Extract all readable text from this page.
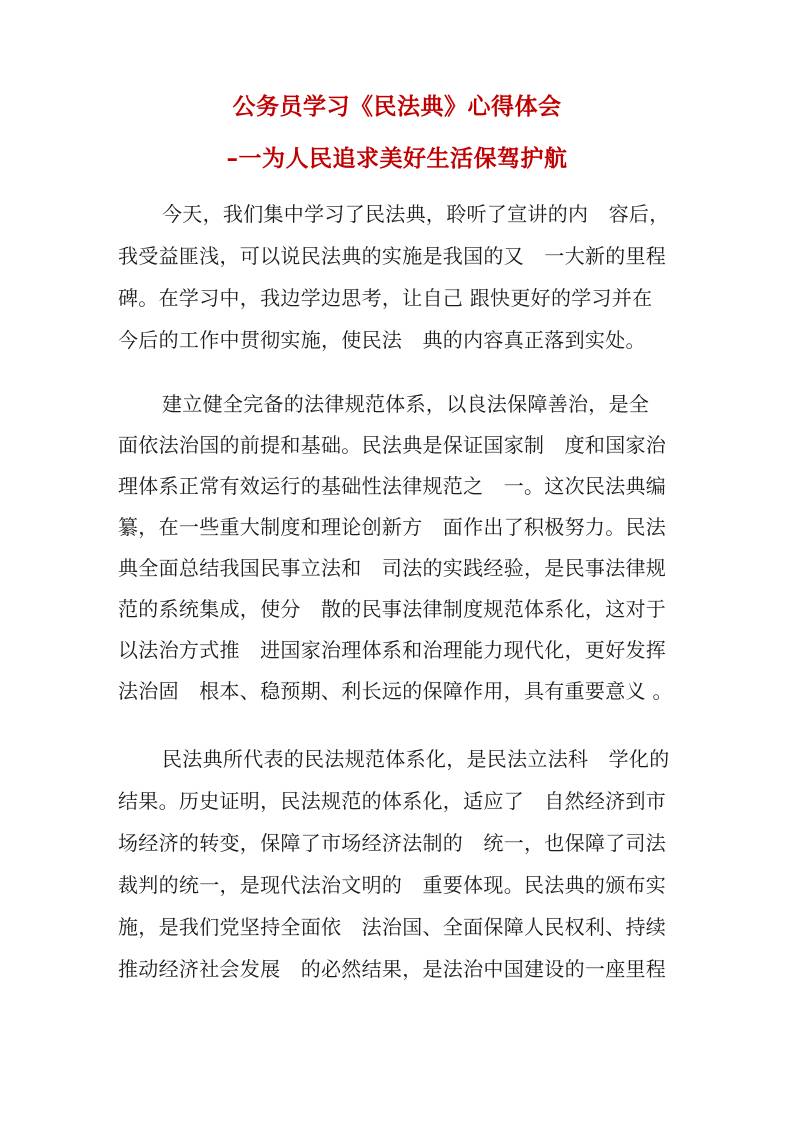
公务员学习《民法典》心得体会
–一为人民追求美好生活保驾护航
今天，我们集中学习了民法典，聆听了宣讲的内　容后，
我受益匪浅，可以说民法典的实施是我国的又　一大新的里程
碑。在学习中，我边学边思考，让自己 跟快更好的学习并在
今后的工作中贯彻实施，使民法　典的内容真正落到实处。
建立健全完备的法律规范体系，以良法保障善治，是全
面依法治国的前提和基础。民法典是保证国家制　度和国家治
理体系正常有效运行的基础性法律规范之　一。这次民法典编
纂，在一些重大制度和理论创新方　面作出了积极努力。民法
典全面总结我国民事立法和　司法的实践经验，是民事法律规
范的系统集成，使分　散的民事法律制度规范体系化，这对于
以法治方式推　进国家治理体系和治理能力现代化，更好发挥
法治固　根本、稳预期、利长远的保障作用，具有重要意义 。
民法典所代表的民法规范体系化，是民法立法科　学化的
结果。历史证明，民法规范的体系化，适应了　自然经济到市
场经济的转变，保障了市场经济法制的　统一，也保障了司法
裁判的统一，是现代法治文明的　重要体现。民法典的颁布实
施，是我们党坚持全面依　法治国、全面保障人民权利、持续
推动经济社会发展　的必然结果，是法治中国建设的一座里程
